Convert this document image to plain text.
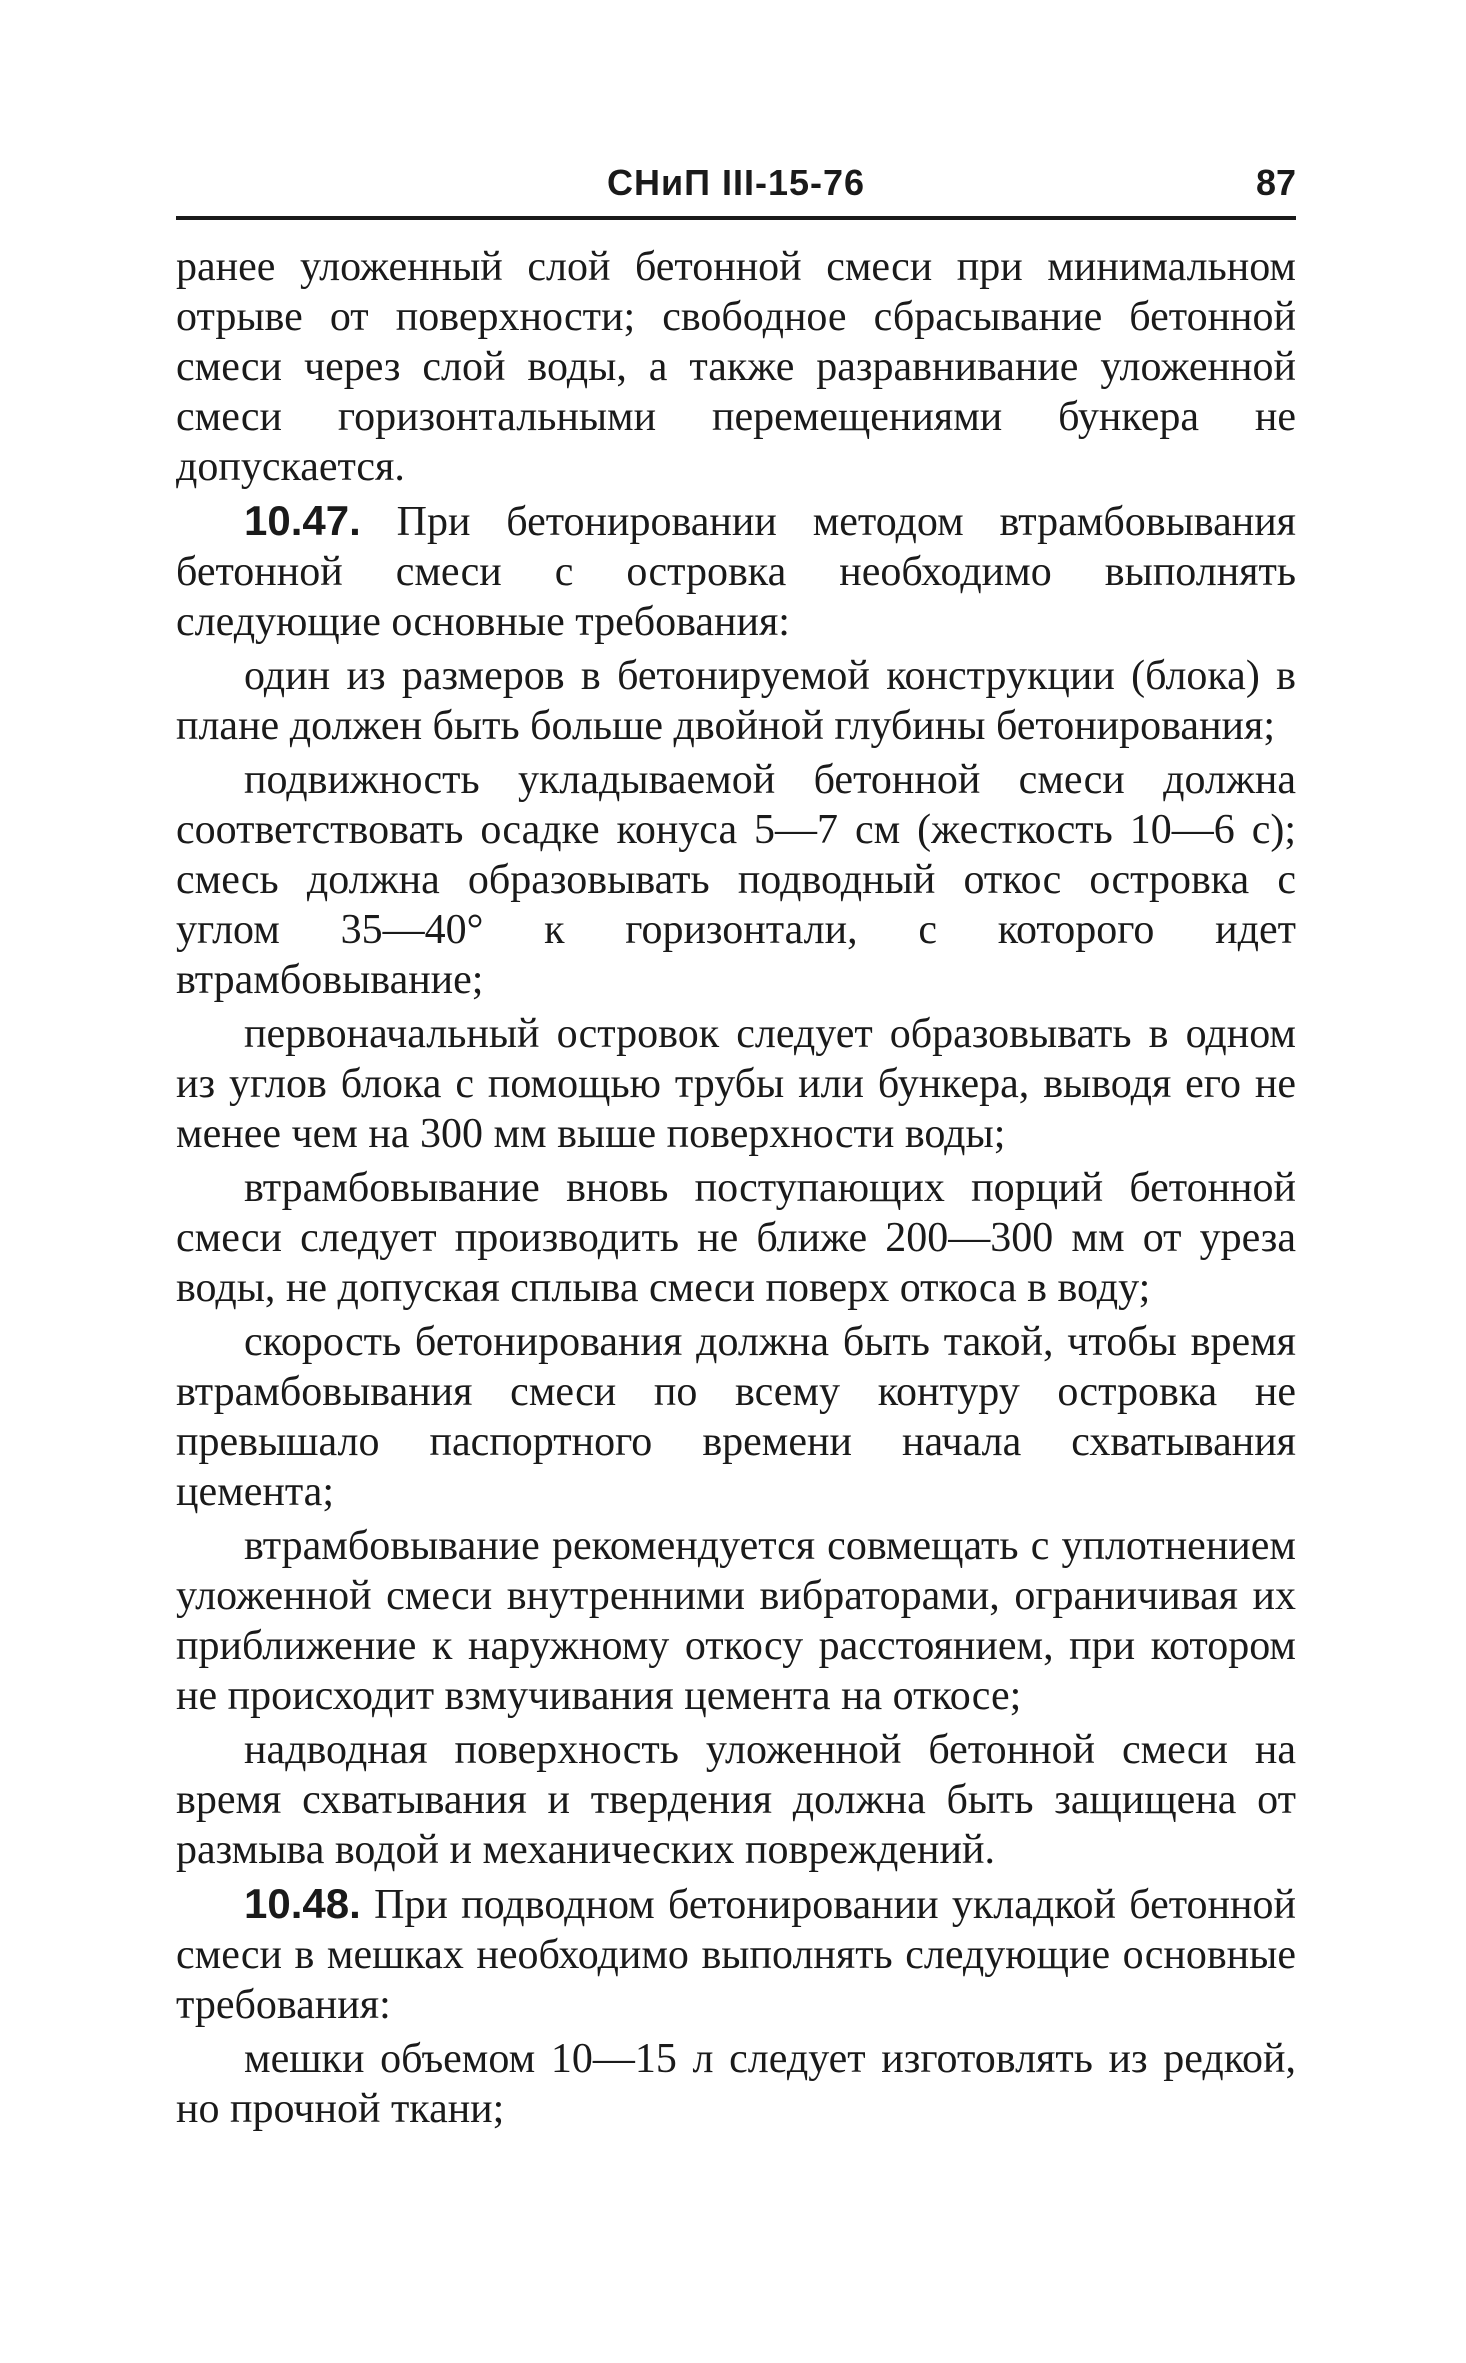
СНиП III-15-76	87

ранее уложенный слой бетонной смеси при минимальном отрыве от поверхности; свободное сбрасывание бетонной смеси через слой воды, а также разравнивание уложенной смеси горизонтальными перемещениями бункера не допускается.

10.47. При бетонировании методом втрамбовывания бетонной смеси с островка необходимо выполнять следующие основные требования:

один из размеров в бетонируемой конструкции (блока) в плане должен быть больше двойной глубины бетонирования;

подвижность укладываемой бетонной смеси должна соответствовать осадке конуса 5—7 см (жесткость 10—6 с); смесь должна образовывать подводный откос островка с углом 35—40° к горизонтали, с которого идет втрамбовывание;

первоначальный островок следует образовывать в одном из углов блока с помощью трубы или бункера, выводя его не менее чем на 300 мм выше поверхности воды;

втрамбовывание вновь поступающих порций бетонной смеси следует производить не ближе 200—300 мм от уреза воды, не допуская сплыва смеси поверх откоса в воду;

скорость бетонирования должна быть такой, чтобы время втрамбовывания смеси по всему контуру островка не превышало паспортного времени начала схватывания цемента;

втрамбовывание рекомендуется совмещать с уплотнением уложенной смеси внутренними вибраторами, ограничивая их приближение к наружному откосу расстоянием, при котором не происходит взмучивания цемента на откосе;

надводная поверхность уложенной бетонной смеси на время схватывания и твердения должна быть защищена от размыва водой и механических повреждений.

10.48. При подводном бетонировании укладкой бетонной смеси в мешках необходимо выполнять следующие основные требования:

мешки объемом 10—15 л следует изготовлять из редкой, но прочной ткани;
